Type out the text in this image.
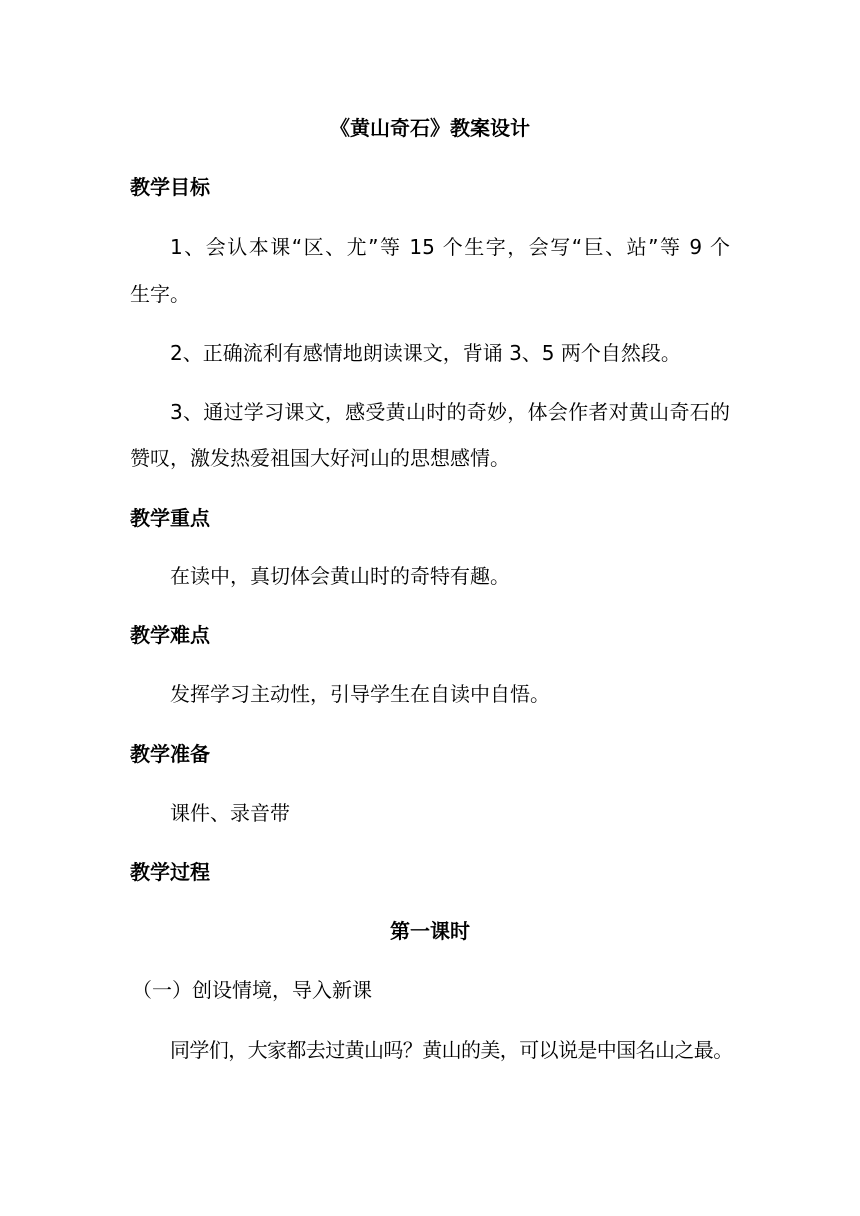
《黄山奇石》教案设计
教学目标
1、会认本课“区、尤”等 15 个生字，会写“巨、站”等 9 个
生字。
2、正确流利有感情地朗读课文，背诵 3、5 两个自然段。
3、通过学习课文，感受黄山时的奇妙，体会作者对黄山奇石的
赞叹，激发热爱祖国大好河山的思想感情。
教学重点
在读中，真切体会黄山时的奇特有趣。
教学难点
发挥学习主动性，引导学生在自读中自悟。
教学准备
课件、录音带
教学过程
第一课时
（一）创设情境，导入新课
同学们，大家都去过黄山吗？黄山的美，可以说是中国名山之最。
